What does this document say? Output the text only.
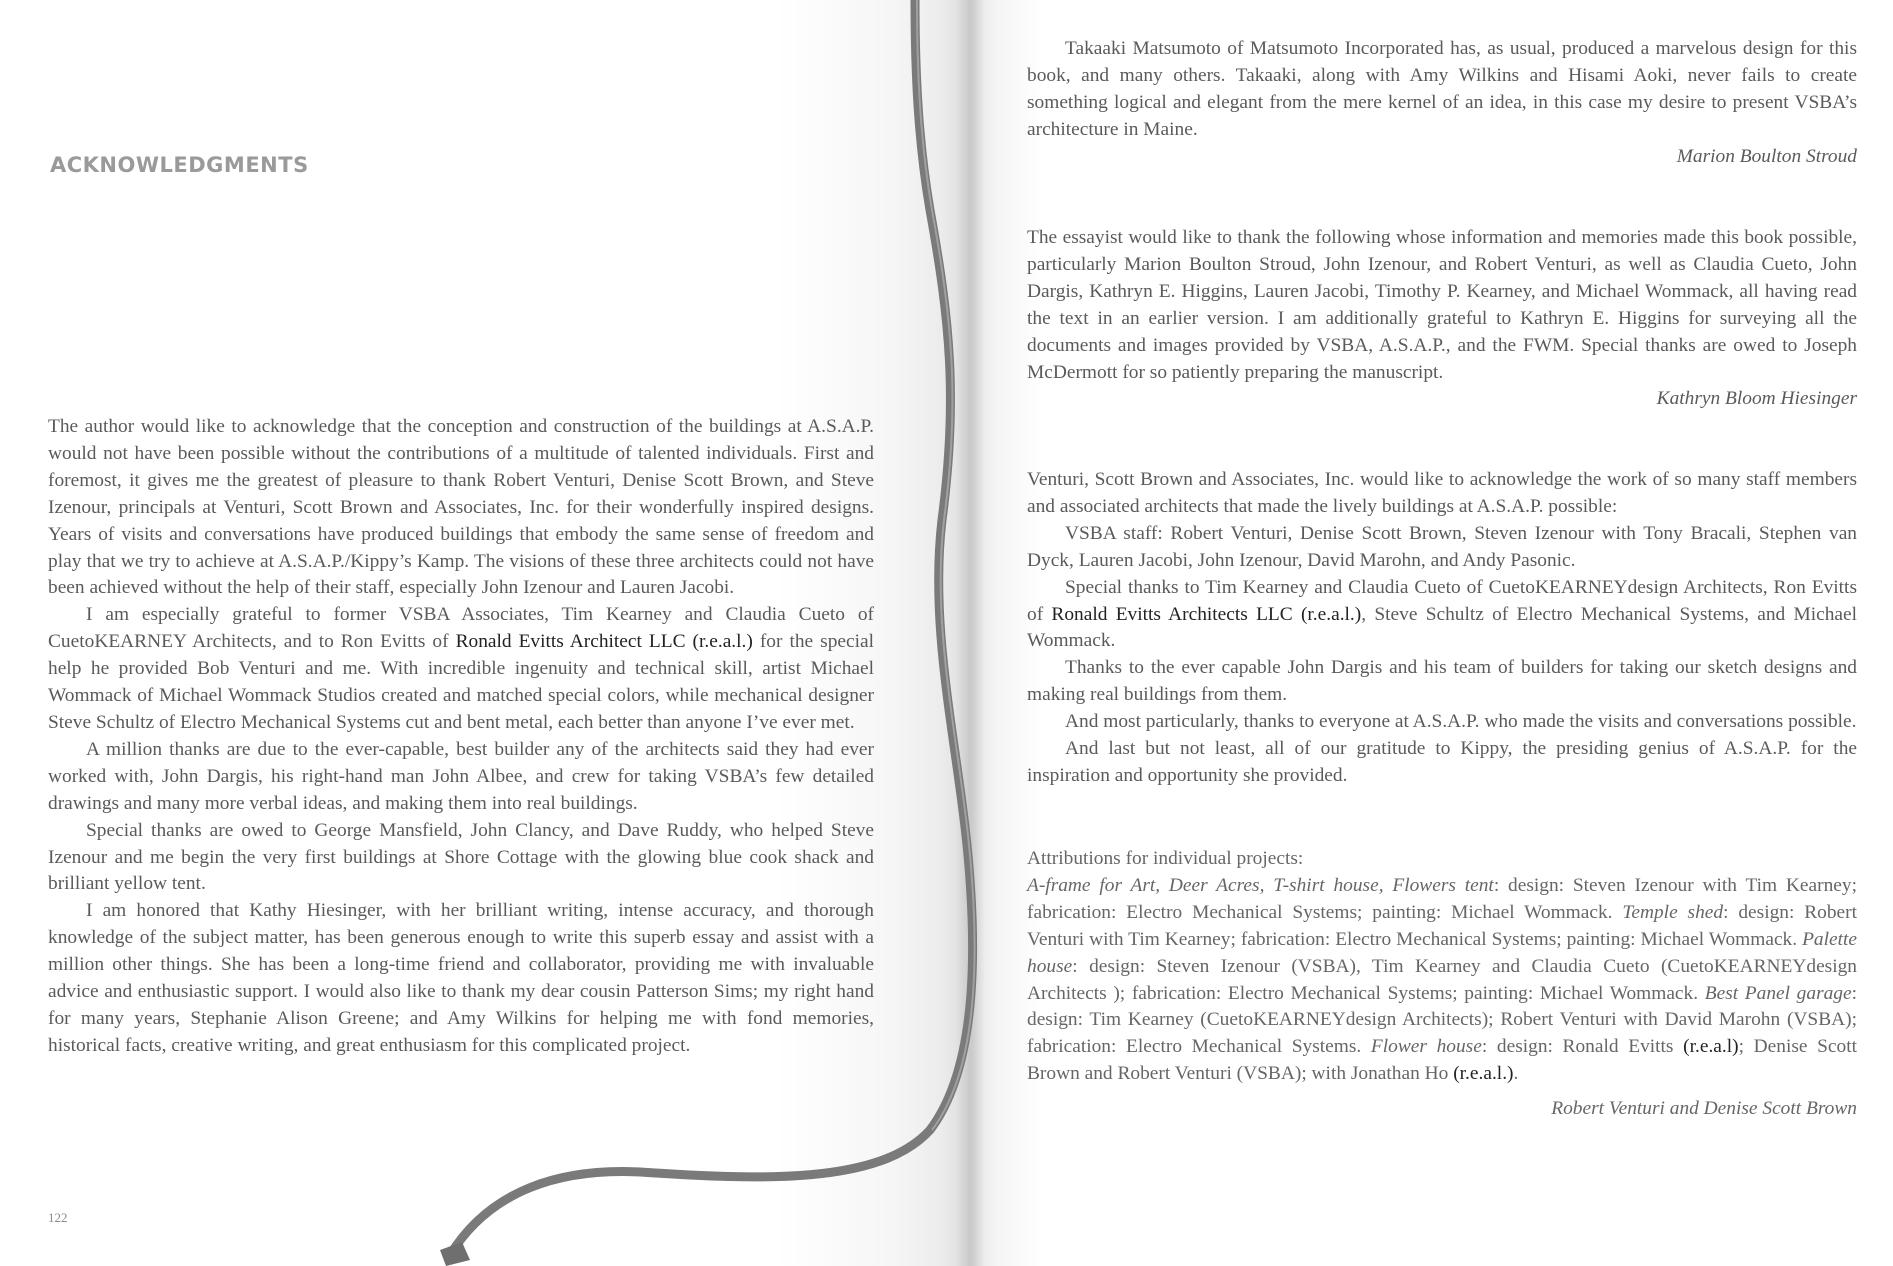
ACKNOWLEDGMENTS

The author would like to acknowledge that the conception and construction of the buildings at A.S.A.P. would not have been possible without the contributions of a multitude of talented individuals. First and foremost, it gives me the greatest of pleasure to thank Robert Venturi, Denise Scott Brown, and Steve Izenour, principals at Venturi, Scott Brown and Associates, Inc. for their wonderfully inspired designs. Years of visits and conversations have produced buildings that embody the same sense of freedom and play that we try to achieve at A.S.A.P./Kippy’s Kamp. The visions of these three architects could not have been achieved without the help of their staff, especially John Izenour and Lauren Jacobi.

I am especially grateful to former VSBA Associates, Tim Kearney and Claudia Cueto of CuetoKEARNEY Architects, and to Ron Evitts of Ronald Evitts Architect LLC (r.e.a.l.) for the special help he provided Bob Venturi and me. With incredible ingenuity and technical skill, artist Michael Wommack of Michael Wommack Studios created and matched special colors, while mechanical designer Steve Schultz of Electro Mechanical Systems cut and bent metal, each better than anyone I’ve ever met.

A million thanks are due to the ever-capable, best builder any of the architects said they had ever worked with, John Dargis, his right-hand man John Albee, and crew for taking VSBA’s few detailed drawings and many more verbal ideas, and making them into real buildings.

Special thanks are owed to George Mansfield, John Clancy, and Dave Ruddy, who helped Steve Izenour and me begin the very first buildings at Shore Cottage with the glowing blue cook shack and brilliant yellow tent.

I am honored that Kathy Hiesinger, with her brilliant writing, intense accuracy, and thorough knowledge of the subject matter, has been generous enough to write this superb essay and assist with a million other things. She has been a long-time friend and collaborator, providing me with invaluable advice and enthusiastic support. I would also like to thank my dear cousin Patterson Sims; my right hand for many years, Stephanie Alison Greene; and Amy Wilkins for helping me with fond memories, historical facts, creative writing, and great enthusiasm for this complicated project.

122

Takaaki Matsumoto of Matsumoto Incorporated has, as usual, produced a marvelous design for this book, and many others. Takaaki, along with Amy Wilkins and Hisami Aoki, never fails to create something logical and elegant from the mere kernel of an idea, in this case my desire to present VSBA’s architecture in Maine.

Marion Boulton Stroud

The essayist would like to thank the following whose information and memories made this book possible, particularly Marion Boulton Stroud, John Izenour, and Robert Venturi, as well as Claudia Cueto, John Dargis, Kathryn E. Higgins, Lauren Jacobi, Timothy P. Kearney, and Michael Wommack, all having read the text in an earlier version. I am additionally grateful to Kathryn E. Higgins for surveying all the documents and images provided by VSBA, A.S.A.P., and the FWM. Special thanks are owed to Joseph McDermott for so patiently preparing the manuscript.

Kathryn Bloom Hiesinger

Venturi, Scott Brown and Associates, Inc. would like to acknowledge the work of so many staff members and associated architects that made the lively buildings at A.S.A.P. possible:

VSBA staff: Robert Venturi, Denise Scott Brown, Steven Izenour with Tony Bracali, Stephen van Dyck, Lauren Jacobi, John Izenour, David Marohn, and Andy Pasonic.

Special thanks to Tim Kearney and Claudia Cueto of CuetoKEARNEYdesign Architects, Ron Evitts of Ronald Evitts Architects LLC (r.e.a.l.), Steve Schultz of Electro Mechanical Systems, and Michael Wommack.

Thanks to the ever capable John Dargis and his team of builders for taking our sketch designs and making real buildings from them.

And most particularly, thanks to everyone at A.S.A.P. who made the visits and conversations possible.

And last but not least, all of our gratitude to Kippy, the presiding genius of A.S.A.P. for the inspiration and opportunity she provided.

Attributions for individual projects:

A-frame for Art, Deer Acres, T-shirt house, Flowers tent: design: Steven Izenour with Tim Kearney; fabrication: Electro Mechanical Systems; painting: Michael Wommack. Temple shed: design: Robert Venturi with Tim Kearney; fabrication: Electro Mechanical Systems; painting: Michael Wommack. Palette house: design: Steven Izenour (VSBA), Tim Kearney and Claudia Cueto (CuetoKEARNEYdesign Architects ); fabrication: Electro Mechanical Systems; painting: Michael Wommack. Best Panel garage: design: Tim Kearney (CuetoKEARNEYdesign Architects); Robert Venturi with David Marohn (VSBA); fabrication: Electro Mechanical Systems. Flower house: design: Ronald Evitts (r.e.a.l); Denise Scott Brown and Robert Venturi (VSBA); with Jonathan Ho (r.e.a.l.).

Robert Venturi and Denise Scott Brown
